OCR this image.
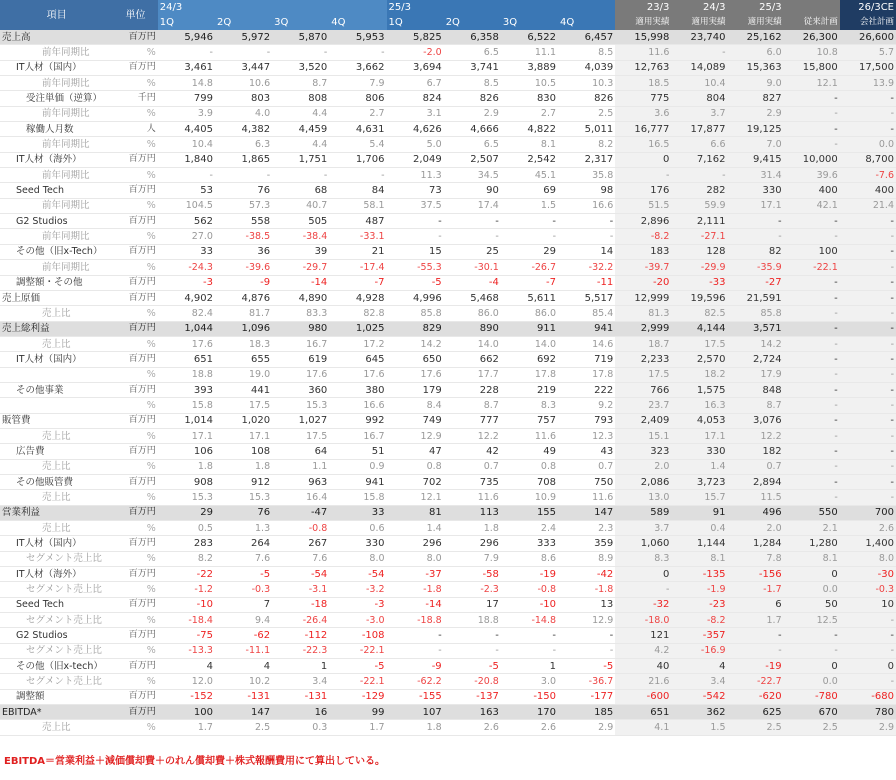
項目	単位	24/3				25/3				23/3	24/3	25/3		26/3CE
		1Q	2Q	3Q	4Q	1Q	2Q	3Q	4Q	適用実績	適用実績	適用実績	従来計画	会社計画
売上高	百万円	5,946	5,972	5,870	5,953	5,825	6,358	6,522	6,457	15,998	23,740	25,162	26,300	26,600
前年同期比	%	-	-	-	-	-2.0	6.5	11.1	8.5	11.6	-	6.0	10.8	5.7
IT人材（国内）	百万円	3,461	3,447	3,520	3,662	3,694	3,741	3,889	4,039	12,763	14,089	15,363	15,800	17,500
前年同期比	%	14.8	10.6	8.7	7.9	6.7	8.5	10.5	10.3	18.5	10.4	9.0	12.1	13.9
受注単価（逆算）	千円	799	803	808	806	824	826	830	826	775	804	827	-	-
前年同期比	%	3.9	4.0	4.4	2.7	3.1	2.9	2.7	2.5	3.6	3.7	2.9	-	-
稼働人月数	人	4,405	4,382	4,459	4,631	4,626	4,666	4,822	5,011	16,777	17,877	19,125	-	-
前年同期比	%	10.4	6.3	4.4	5.4	5.0	6.5	8.1	8.2	16.5	6.6	7.0	-	0.0
IT人材（海外）	百万円	1,840	1,865	1,751	1,706	2,049	2,507	2,542	2,317	0	7,162	9,415	10,000	8,700
前年同期比	%	-	-	-	-	11.3	34.5	45.1	35.8	-	-	31.4	39.6	-7.6
Seed Tech	百万円	53	76	68	84	73	90	69	98	176	282	330	400	400
前年同期比	%	104.5	57.3	40.7	58.1	37.5	17.4	1.5	16.6	51.5	59.9	17.1	42.1	21.4
G2 Studios	百万円	562	558	505	487	-	-	-	-	2,896	2,111	-	-	-
前年同期比	%	27.0	-38.5	-38.4	-33.1	-	-	-	-	-8.2	-27.1	-	-	-
その他（旧x-Tech）	百万円	33	36	39	21	15	25	29	14	183	128	82	100	-
前年同期比	%	-24.3	-39.6	-29.7	-17.4	-55.3	-30.1	-26.7	-32.2	-39.7	-29.9	-35.9	-22.1	-
調整額・その他	百万円	-3	-9	-14	-7	-5	-4	-7	-11	-20	-33	-27	-	-
売上原価	百万円	4,902	4,876	4,890	4,928	4,996	5,468	5,611	5,517	12,999	19,596	21,591	-	-
売上比	%	82.4	81.7	83.3	82.8	85.8	86.0	86.0	85.4	81.3	82.5	85.8	-	-
売上総利益	百万円	1,044	1,096	980	1,025	829	890	911	941	2,999	4,144	3,571	-	-
売上比	%	17.6	18.3	16.7	17.2	14.2	14.0	14.0	14.6	18.7	17.5	14.2	-	-
IT人材（国内）	百万円	651	655	619	645	650	662	692	719	2,233	2,570	2,724	-	-
	%	18.8	19.0	17.6	17.6	17.6	17.7	17.8	17.8	17.5	18.2	17.9	-	-
その他事業	百万円	393	441	360	380	179	228	219	222	766	1,575	848	-	-
	%	15.8	17.5	15.3	16.6	8.4	8.7	8.3	9.2	23.7	16.3	8.7	-	-
販管費	百万円	1,014	1,020	1,027	992	749	777	757	793	2,409	4,053	3,076	-	-
売上比	%	17.1	17.1	17.5	16.7	12.9	12.2	11.6	12.3	15.1	17.1	12.2	-	-
広告費	百万円	106	108	64	51	47	42	49	43	323	330	182	-	-
売上比	%	1.8	1.8	1.1	0.9	0.8	0.7	0.8	0.7	2.0	1.4	0.7	-	-
その他販管費	百万円	908	912	963	941	702	735	708	750	2,086	3,723	2,894	-	-
売上比	%	15.3	15.3	16.4	15.8	12.1	11.6	10.9	11.6	13.0	15.7	11.5	-	-
営業利益	百万円	29	76	-47	33	81	113	155	147	589	91	496	550	700
売上比	%	0.5	1.3	-0.8	0.6	1.4	1.8	2.4	2.3	3.7	0.4	2.0	2.1	2.6
IT人材（国内）	百万円	283	264	267	330	296	296	333	359	1,060	1,144	1,284	1,280	1,400
セグメント売上比	%	8.2	7.6	7.6	8.0	8.0	7.9	8.6	8.9	8.3	8.1	7.8	8.1	8.0
IT人材（海外）	百万円	-22	-5	-54	-54	-37	-58	-19	-42	0	-135	-156	0	-30
セグメント売上比	%	-1.2	-0.3	-3.1	-3.2	-1.8	-2.3	-0.8	-1.8	-	-1.9	-1.7	0.0	-0.3
Seed Tech	百万円	-10	7	-18	-3	-14	17	-10	13	-32	-23	6	50	10
セグメント売上比	%	-18.4	9.4	-26.4	-3.0	-18.8	18.8	-14.8	12.9	-18.0	-8.2	1.7	12.5	-
G2 Studios	百万円	-75	-62	-112	-108	-	-	-	-	121	-357	-	-	-
セグメント売上比	%	-13.3	-11.1	-22.3	-22.1	-	-	-	-	4.2	-16.9	-	-	-
その他（旧x-tech）	百万円	4	4	1	-5	-9	-5	1	-5	40	4	-19	0	0
セグメント売上比	%	12.0	10.2	3.4	-22.1	-62.2	-20.8	3.0	-36.7	21.6	3.4	-22.7	0.0	-
調整額	百万円	-152	-131	-131	-129	-155	-137	-150	-177	-600	-542	-620	-780	-680
EBITDA*	百万円	100	147	16	99	107	163	170	185	651	362	625	670	780
売上比	%	1.7	2.5	0.3	1.7	1.8	2.6	2.6	2.9	4.1	1.5	2.5	2.5	2.9
EBITDA＝営業利益＋減価償却費＋のれん償却費＋株式報酬費用にて算出している。
